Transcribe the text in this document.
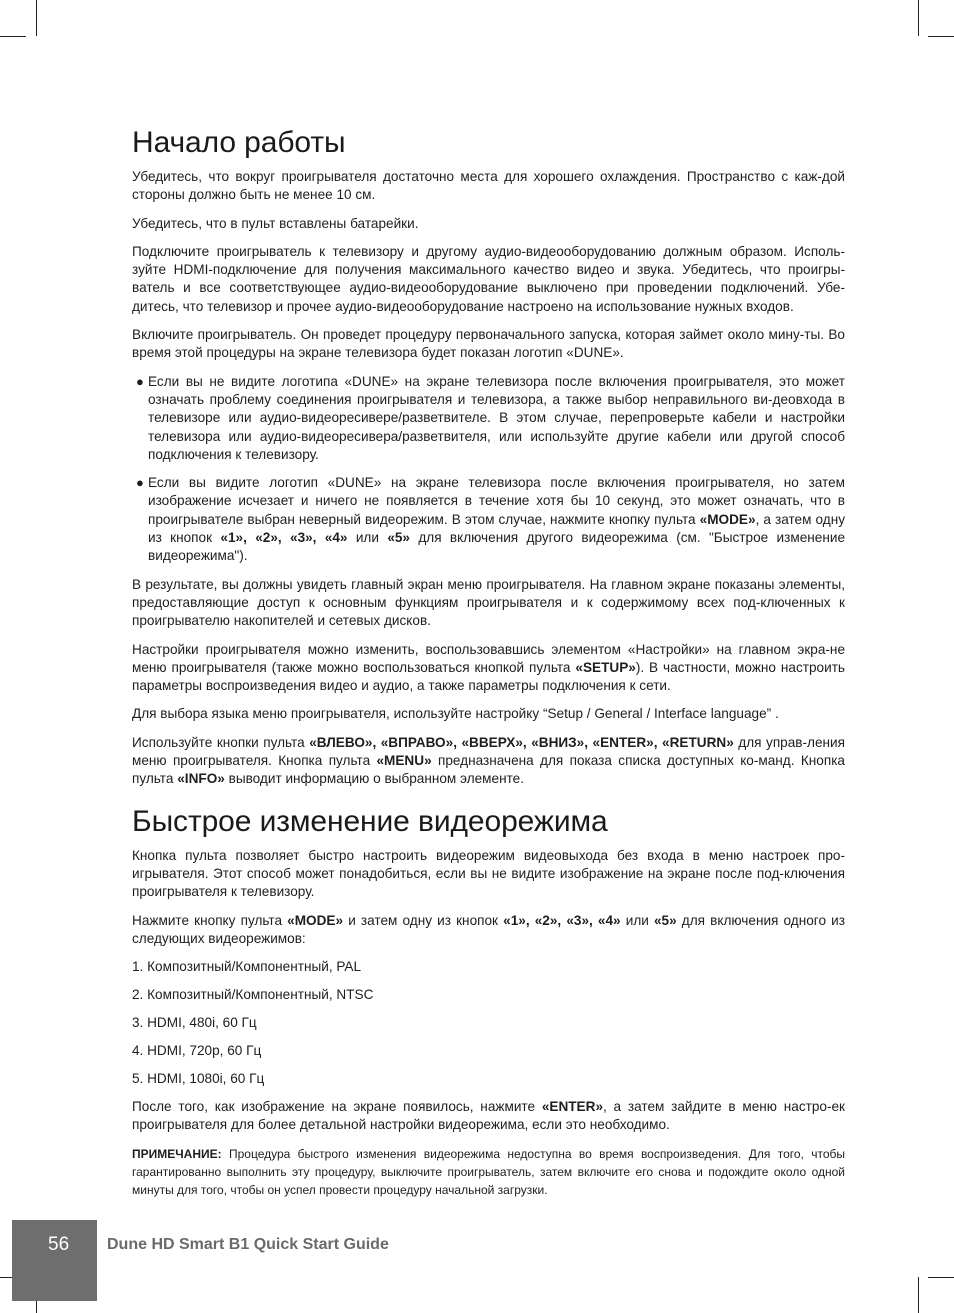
Начало работы

Убедитесь, что вокруг проигрывателя достаточно места для хорошего охлаждения. Пространство с каж-дой стороны должно быть не менее 10 см.

Убедитесь, что в пульт вставлены батарейки.

Подключите проигрыватель к телевизору и другому аудио-видеооборудованию должным образом. Исполь-зуйте HDMI-подключение для получения максимального качество видео и звука. Убедитесь, что проигры-ватель и все соответствующее аудио-видеооборудование выключено при проведении подключений. Убе-дитесь, что телевизор и прочее аудио-видеооборудование настроено на использование нужных входов.

Включите проигрыватель. Он проведет процедуру первоначального запуска, которая займет около мину-ты. Во время этой процедуры на экране телевизора будет показан логотип «DUNE».

● Если вы не видите логотипа «DUNE» на экране телевизора после включения проигрывателя, это может означать проблему соединения проигрывателя и телевизора, а также выбор неправильного ви-деовхода в телевизоре или аудио-видеоресивере/разветвителе. В этом случае, перепроверьте кабели и настройки телевизора или аудио-видеоресивера/разветвителя, или используйте другие кабели или другой способ подключения к телевизору.
● Если вы видите логотип «DUNE» на экране телевизора после включения проигрывателя, но затем изображение исчезает и ничего не появляется в течение хотя бы 10 секунд, это может означать, что в проигрывателе выбран неверный видеорежим. В этом случае, нажмите кнопку пульта «MODE», а затем одну из кнопок «1», «2», «3», «4» или «5» для включения другого видеорежима (см. "Быстрое изменение видеорежима").

В результате, вы должны увидеть главный экран меню проигрывателя. На главном экране показаны элементы, предоставляющие доступ к основным функциям проигрывателя и к содержимому всех под-ключенных к проигрывателю накопителей и сетевых дисков.

Настройки проигрывателя можно изменить, воспользовавшись элементом «Настройки» на главном экра-не меню проигрывателя (также можно воспользоваться кнопкой пульта «SETUP»). В частности, можно настроить параметры воспроизведения видео и аудио, а также параметры подключения к сети.

Для выбора языка меню проигрывателя, используйте настройку “Setup / General / Interface language” .

Используйте кнопки пульта «ВЛЕВО», «ВПРАВО», «ВВЕРХ», «ВНИЗ», «ENTER», «RETURN» для управ-ления меню проигрывателя. Кнопка пульта «MENU» предназначена для показа списка доступных ко-манд. Кнопка пульта «INFO» выводит информацию о выбранном элементе.

Быстрое изменение видеорежима

Кнопка пульта позволяет быстро настроить видеорежим видеовыхода без входа в меню настроек про-игрывателя. Этот способ может понадобиться, если вы не видите изображение на экране после под-ключения проигрывателя к телевизору.

Нажмите кнопку пульта «MODE» и затем одну из кнопок «1», «2», «3», «4» или «5» для включения одного из следующих видеорежимов:

1. Композитный/Компонентный, PAL

2. Композитный/Компонентный, NTSC

3. HDMI, 480i, 60 Гц

4. HDMI, 720p, 60 Гц

5. HDMI, 1080i, 60 Гц

После того, как изображение на экране появилось, нажмите «ENTER», а затем зайдите в меню настро-ек проигрывателя для более детальной настройки видеорежима, если это необходимо.

ПРИМЕЧАНИЕ: Процедура быстрого изменения видеорежима недоступна во время воспроизведения. Для того, чтобы гарантированно выполнить эту процедуру, выключите проигрыватель, затем включите его снова и подождите около одной минуты для того, чтобы он успел провести процедуру начальной загрузки.

56 Dune HD Smart B1 Quick Start Guide
